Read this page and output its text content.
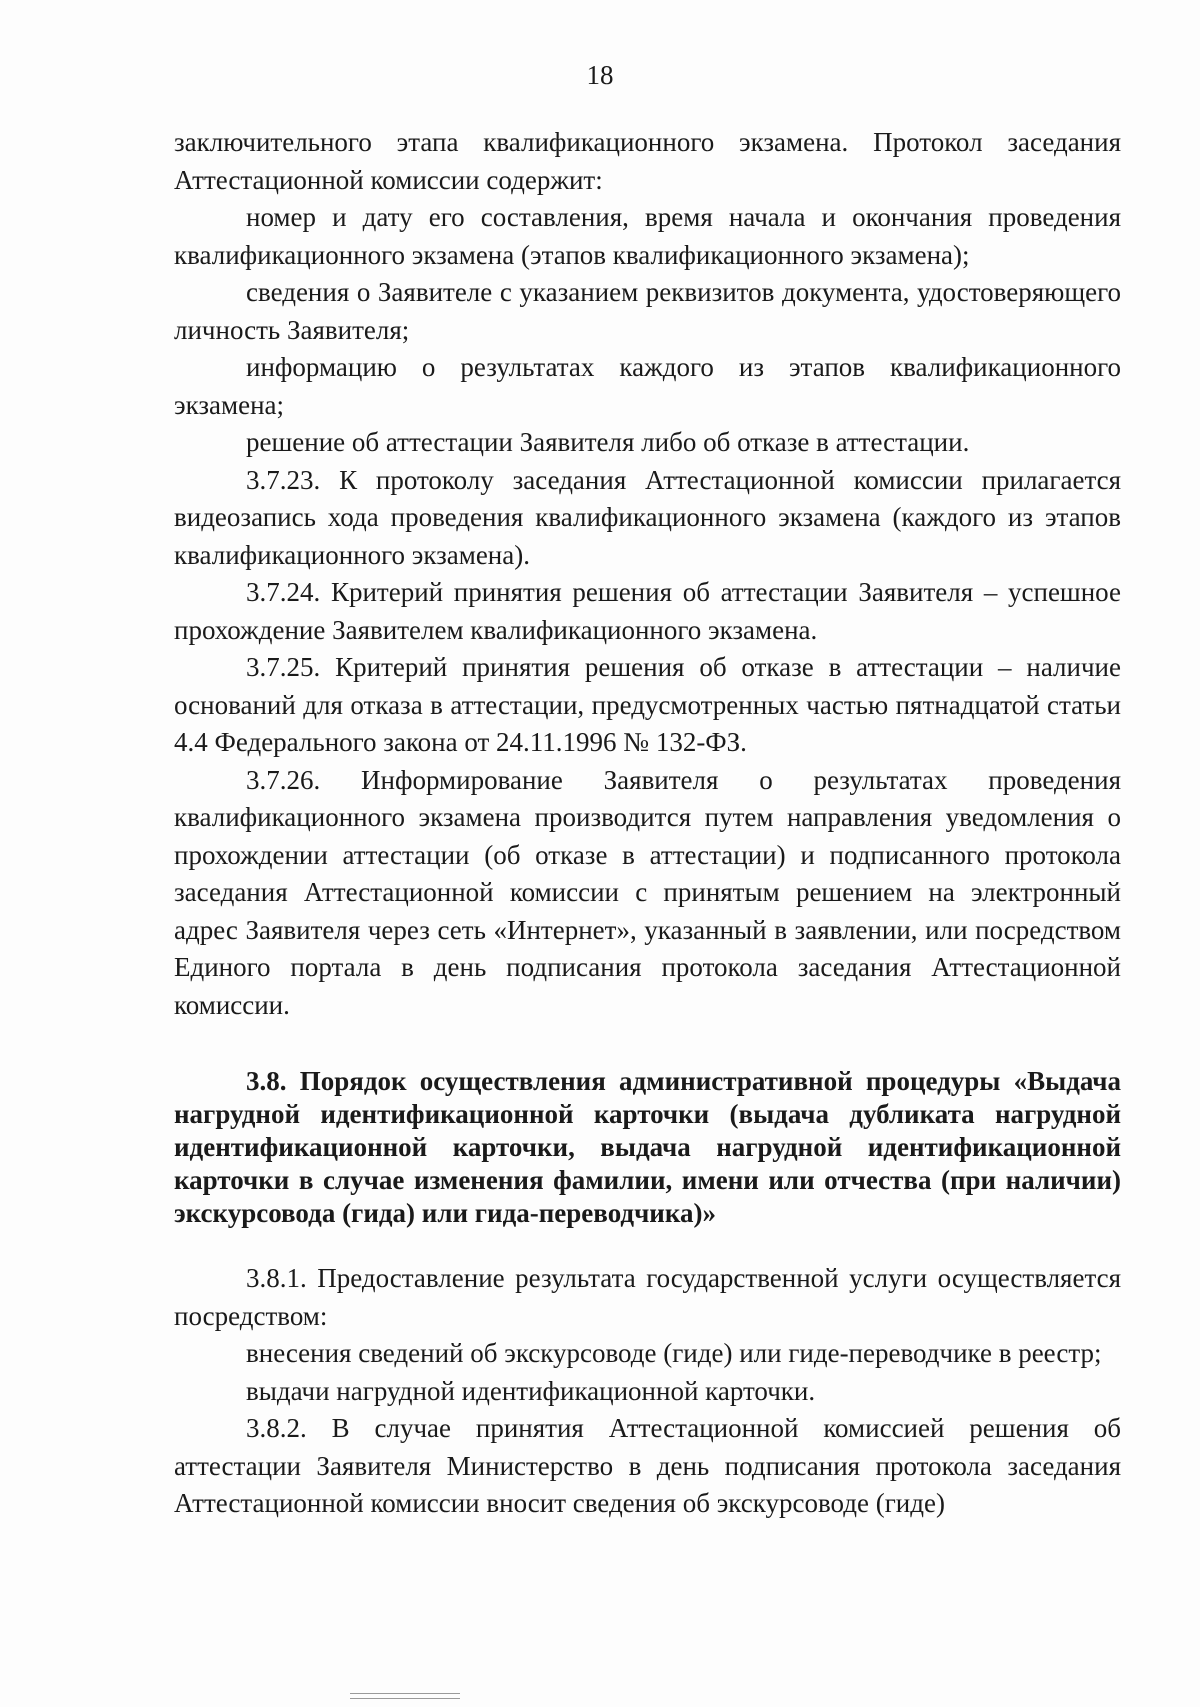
18

заключительного этапа квалификационного экзамена. Протокол заседания Аттестационной комиссии содержит:

номер и дату его составления, время начала и окончания проведения квалификационного экзамена (этапов квалификационного экзамена);

сведения о Заявителе с указанием реквизитов документа, удостоверяющего личность Заявителя;

информацию о результатах каждого из этапов квалификационного экзамена;

решение об аттестации Заявителя либо об отказе в аттестации.

3.7.23. К протоколу заседания Аттестационной комиссии прилагается видеозапись хода проведения квалификационного экзамена (каждого из этапов квалификационного экзамена).

3.7.24. Критерий принятия решения об аттестации Заявителя – успешное прохождение Заявителем квалификационного экзамена.

3.7.25. Критерий принятия решения об отказе в аттестации – наличие оснований для отказа в аттестации, предусмотренных частью пятнадцатой статьи 4.4 Федерального закона от 24.11.1996 № 132-ФЗ.

3.7.26. Информирование Заявителя о результатах проведения квалификационного экзамена производится путем направления уведомления о прохождении аттестации (об отказе в аттестации) и подписанного протокола заседания Аттестационной комиссии с принятым решением на электронный адрес Заявителя через сеть «Интернет», указанный в заявлении, или посредством Единого портала в день подписания протокола заседания Аттестационной комиссии.

3.8. Порядок осуществления административной процедуры «Выдача нагрудной идентификационной карточки (выдача дубликата нагрудной идентификационной карточки, выдача нагрудной идентификационной карточки в случае изменения фамилии, имени или отчества (при наличии) экскурсовода (гида) или гида-переводчика)»

3.8.1. Предоставление результата государственной услуги осуществляется посредством:

внесения сведений об экскурсоводе (гиде) или гиде-переводчике в реестр;

выдачи нагрудной идентификационной карточки.

3.8.2. В случае принятия Аттестационной комиссией решения об аттестации Заявителя Министерство в день подписания протокола заседания Аттестационной комиссии вносит сведения об экскурсоводе (гиде)
